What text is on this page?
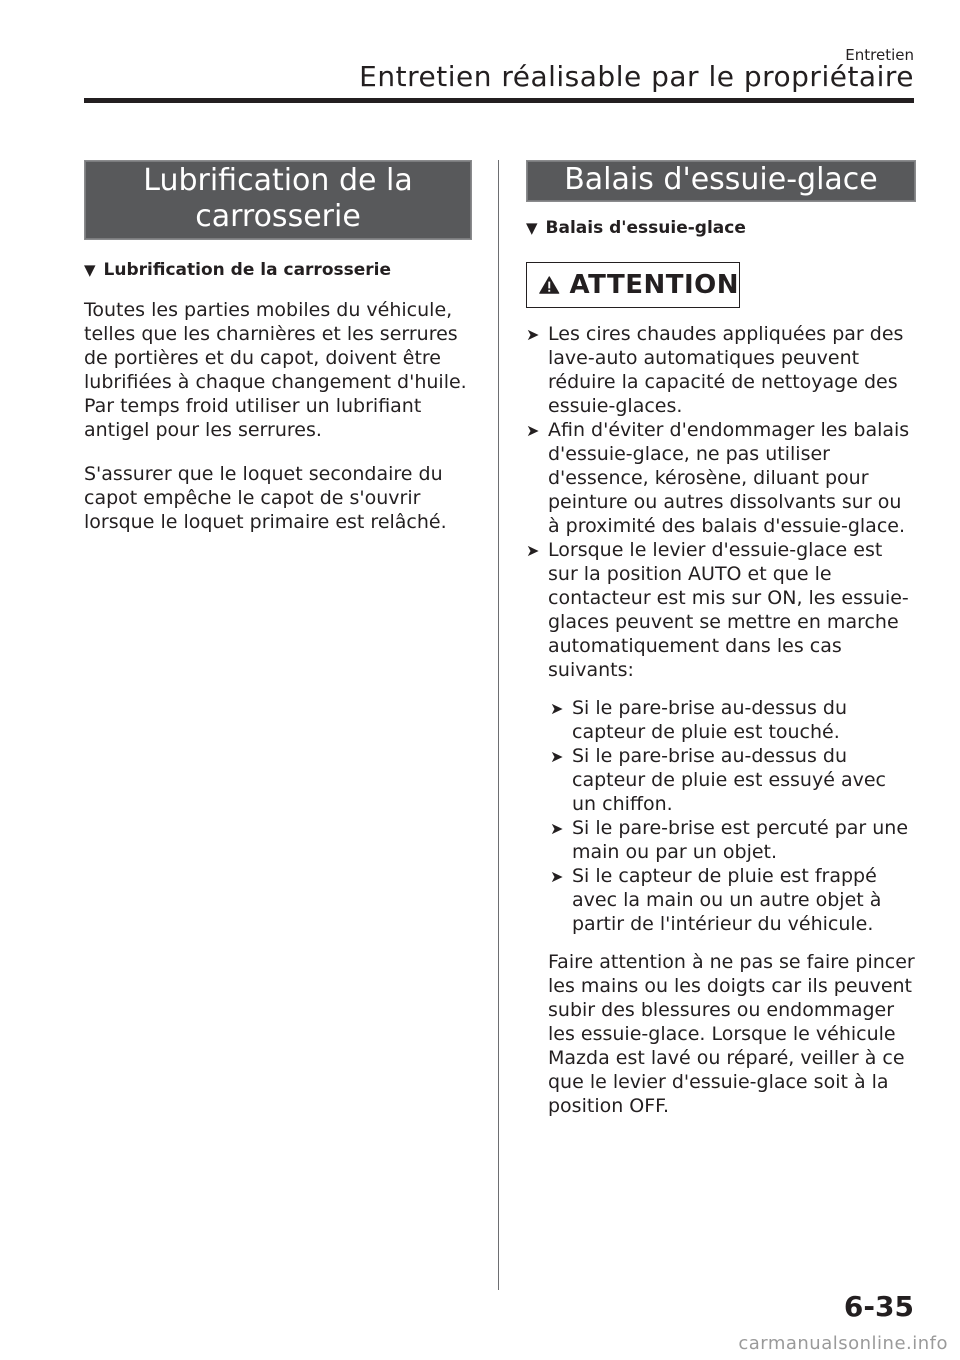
Entretien
Entretien réalisable par le propriétaire
Lubrification de la
carrosserie
▼ Lubrification de la carrosserie

Toutes les parties mobiles du véhicule, telles que les charnières et les serrures de portières et du capot, doivent être lubrifiées à chaque changement d'huile. Par temps froid utiliser un lubrifiant antigel pour les serrures.

S'assurer que le loquet secondaire du capot empêche le capot de s'ouvrir lorsque le loquet primaire est relâché.

Balais d'essuie-glace
▼ Balais d'essuie-glace
ATTENTION
➤ Les cires chaudes appliquées par des lave-auto automatiques peuvent réduire la capacité de nettoyage des essuie-glaces.
➤ Afin d'éviter d'endommager les balais d'essuie-glace, ne pas utiliser d'essence, kérosène, diluant pour peinture ou autres dissolvants sur ou à proximité des balais d'essuie-glace.
➤ Lorsque le levier d'essuie-glace est sur la position AUTO et que le contacteur est mis sur ON, les essuie-glaces peuvent se mettre en marche automatiquement dans les cas suivants:
➤ Si le pare-brise au-dessus du capteur de pluie est touché.
➤ Si le pare-brise au-dessus du capteur de pluie est essuyé avec un chiffon.
➤ Si le pare-brise est percuté par une main ou par un objet.
➤ Si le capteur de pluie est frappé avec la main ou un autre objet à partir de l'intérieur du véhicule.
Faire attention à ne pas se faire pincer les mains ou les doigts car ils peuvent subir des blessures ou endommager les essuie-glace. Lorsque le véhicule Mazda est lavé ou réparé, veiller à ce que le levier d'essuie-glace soit à la position OFF.
6-35
carmanualsonline.info
